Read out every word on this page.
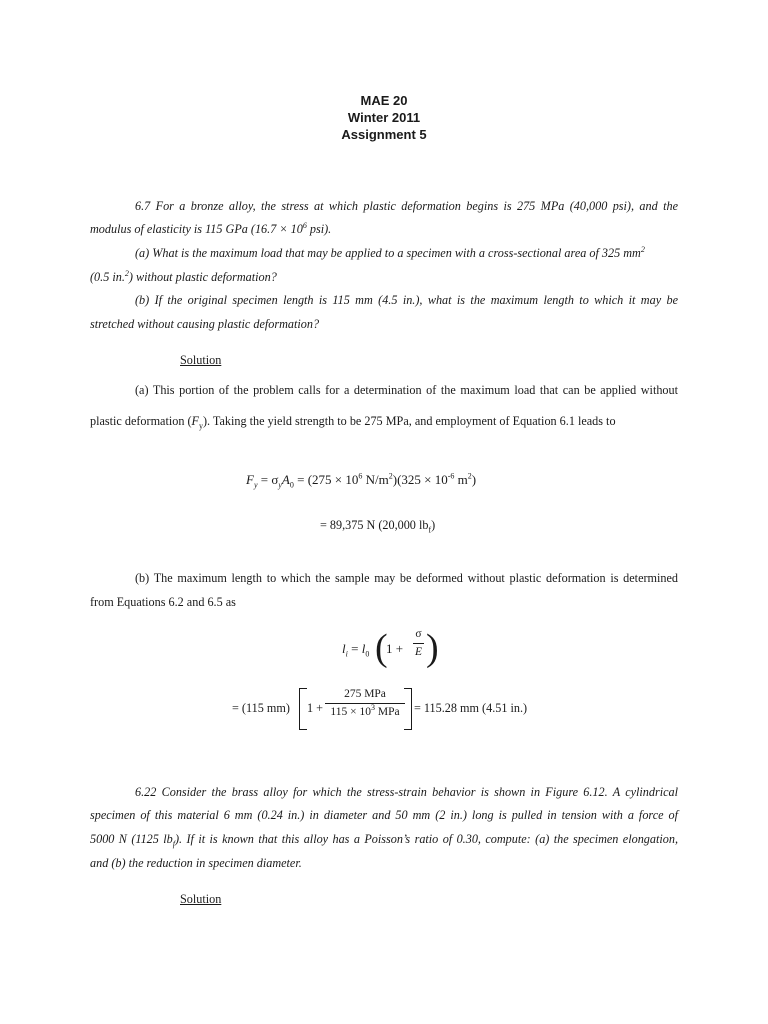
MAE 20
Winter 2011
Assignment 5
6.7 For a bronze alloy, the stress at which plastic deformation begins is 275 MPa (40,000 psi), and the
modulus of elasticity is 115 GPa ($16.7 \times 10^6$ psi).
(a) What is the maximum load that may be applied to a specimen with a cross-sectional area of 325 $mm^2$
(0.5 in.$^2$) without plastic deformation?
(b) If the original specimen length is 115 mm (4.5 in.), what is the maximum length to which it may be
stretched without causing plastic deformation?
Solution
(a) This portion of the problem calls for a determination of the maximum load that can be applied without
plastic deformation $(F_y)$. Taking the yield strength to be 275 MPa, and employment of Equation 6.1 leads to
$F_y = \sigma_yA_0 = (275 \times 10^6$ $N/m^2)(325 \times 10^{-6}$ $m^2$)
= 89,375 N (20,000 $lb_f$)
(b) The maximum length to which the sample may be deformed without plastic deformation is determined
from Equations 6.2 and 6.5 as
$l_i = l_0$ (
$1 + \frac{\sigma}{E}$ )
= (115 mm) 1 +
275 MPa
$115 \times 10^3$ MPa	= 115.28 mm (4.51 in.)
6.22 Consider the brass alloy for which the stress-strain behavior is shown in Figure 6.12. A cylindrical
specimen of this material 6 mm (0.24 in.) in diameter and 50 mm (2 in.) long is pulled in tension with a force of
5000 N (1125 $lb_f$). If it is known that this alloy has a Poisson’s ratio of 0.30, compute: (a) the specimen elongation,
and (b) the reduction in specimen diameter.
Solution
